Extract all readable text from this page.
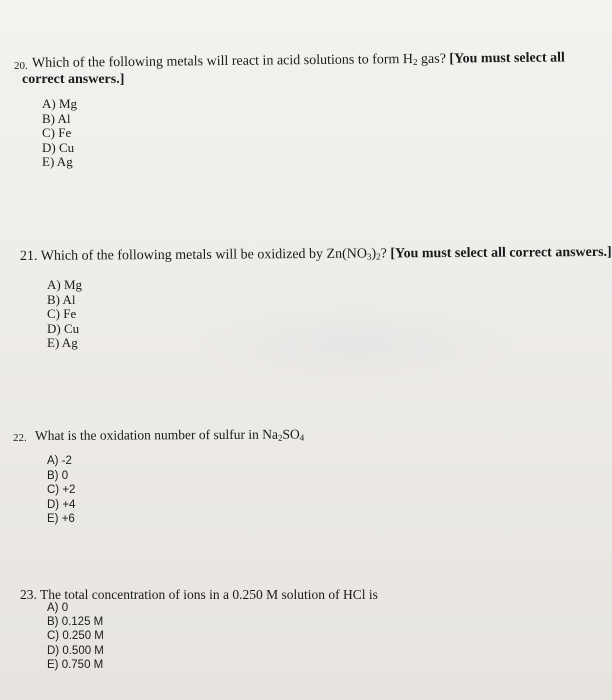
20. Which of the following metals will react in acid solutions to form $H_2$ gas? [You must select all
correct answers.]
A) Mg
B) Al
C) Fe
D) Cu
E) Ag
21. Which of the following metals will be oxidized by $Zn(NO_3)_2$? [You must select all correct answers.]
A) Mg
B) Al
C) Fe
D) Cu
E) Ag
22. What is the oxidation number of sulfur in $Na_2SO_4$
A) -2
B) 0
C) +2
D) +4
E) +6
23. The total concentration of ions in a 0.250 M solution of HCl is
A) 0
B) 0.125 M
C) 0.250 M
D) 0.500 M
E) 0.750 M
